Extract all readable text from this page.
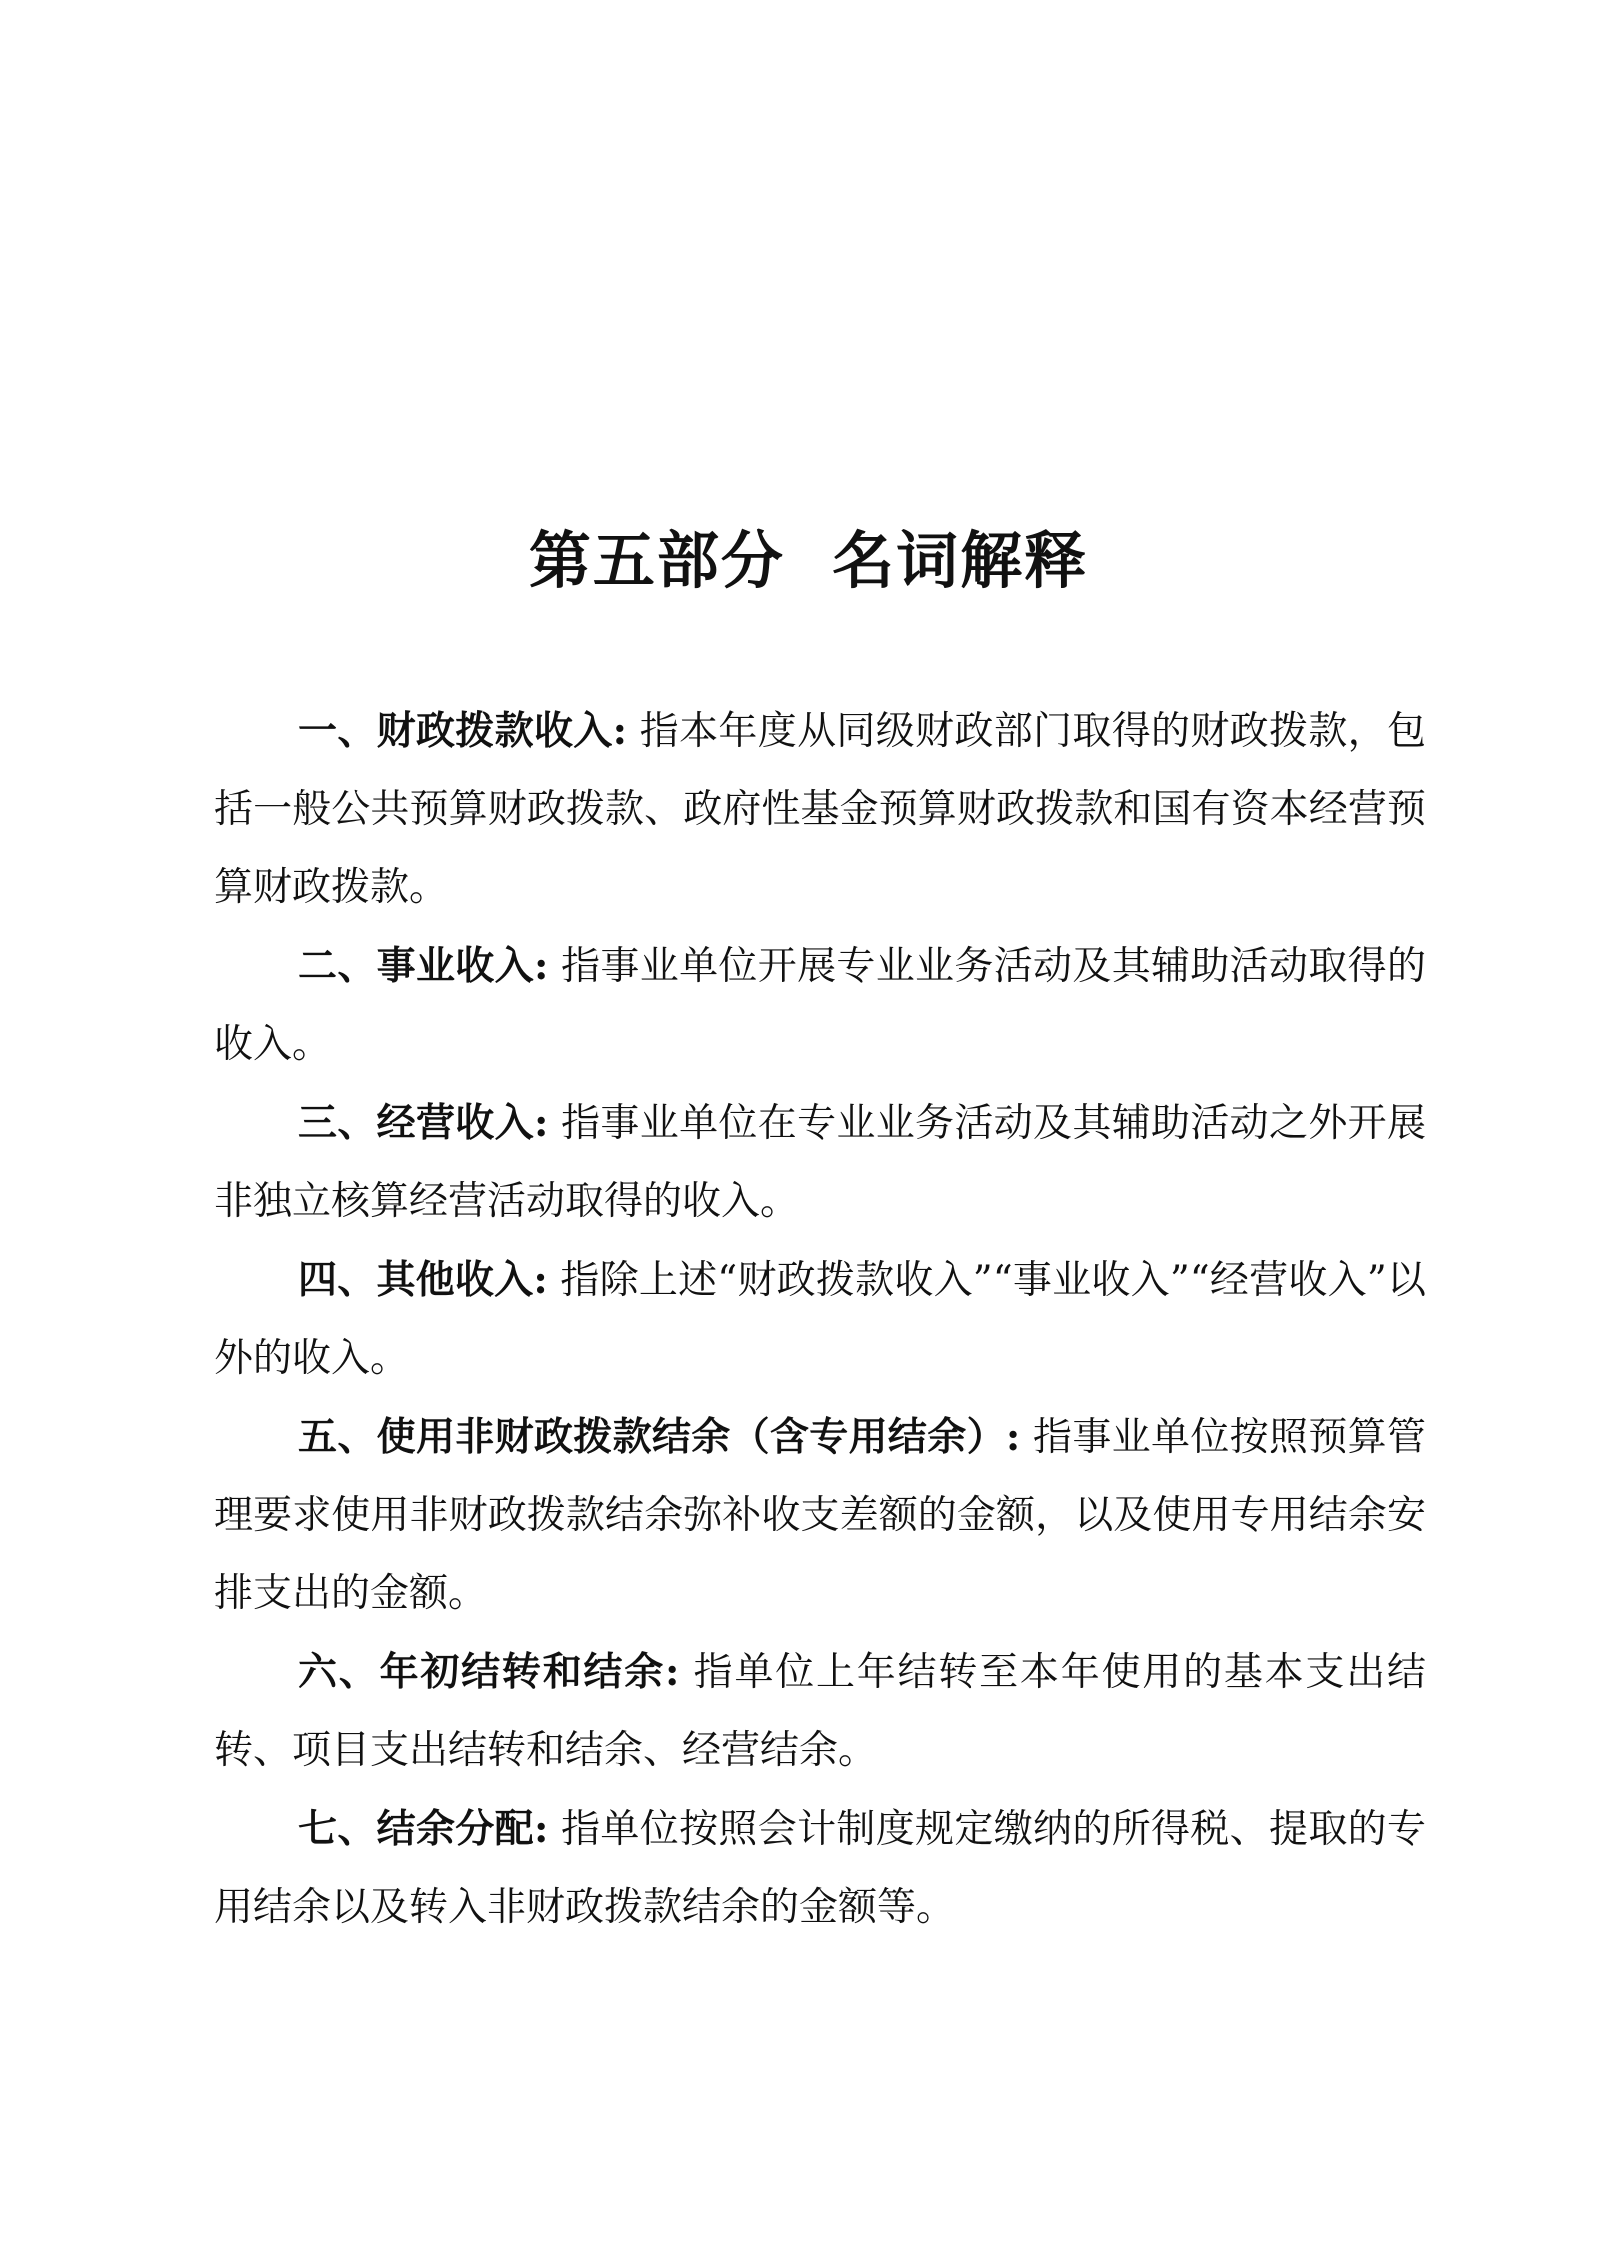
第五部分  名词解释

一、财政拨款收入: 指本年度从同级财政部门取得的财政拨款，包括一般公共预算财政拨款、政府性基金预算财政拨款和国有资本经营预算财政拨款。

二、事业收入: 指事业单位开展专业业务活动及其辅助活动取得的收入。

三、经营收入: 指事业单位在专业业务活动及其辅助活动之外开展非独立核算经营活动取得的收入。

四、其他收入: 指除上述“财政拨款收入”“事业收入”“经营收入”以外的收入。

五、使用非财政拨款结余（含专用结余）: 指事业单位按照预算管理要求使用非财政拨款结余弥补收支差额的金额，以及使用专用结余安排支出的金额。

六、年初结转和结余: 指单位上年结转至本年使用的基本支出结转、项目支出结转和结余、经营结余。

七、结余分配: 指单位按照会计制度规定缴纳的所得税、提取的专用结余以及转入非财政拨款结余的金额等。
